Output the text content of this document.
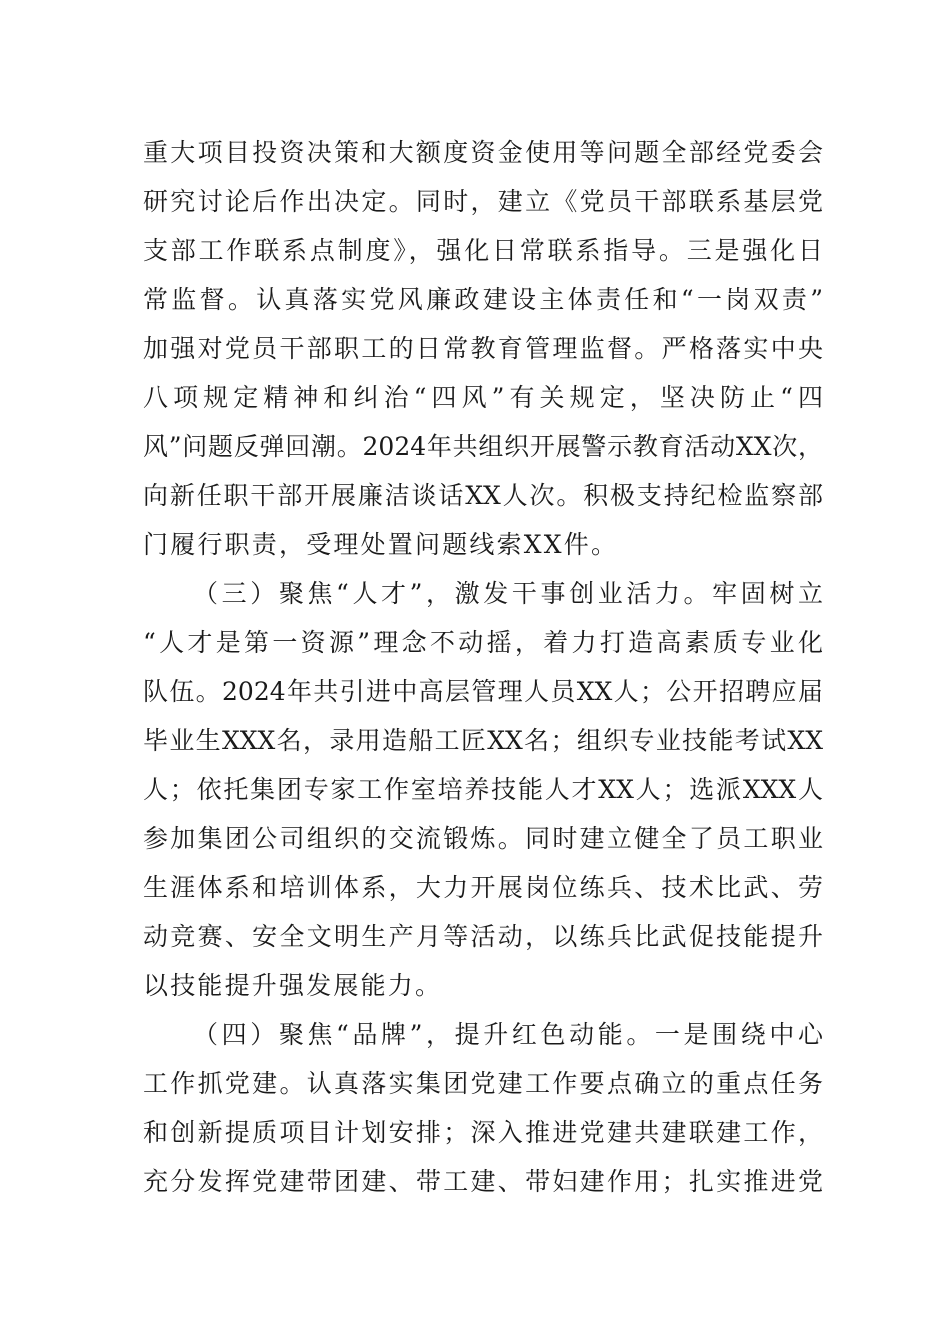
重大项目投资决策和大额度资金使用等问题全部经党委会
研究讨论后作出决定。同时，建立《党员干部联系基层党
支部工作联系点制度》，强化日常联系指导。三是强化日
常监督。认真落实党风廉政建设主体责任和“一岗双责”
加强对党员干部职工的日常教育管理监督。严格落实中央
八项规定精神和纠治“四风”有关规定，坚决防止“四
风”问题反弹回潮。2024年共组织开展警示教育活动XX次，
向新任职干部开展廉洁谈话XX人次。积极支持纪检监察部
门履行职责，受理处置问题线索XX件。
（三）聚焦“人才”，激发干事创业活力。牢固树立
“人才是第一资源”理念不动摇，着力打造高素质专业化
队伍。2024年共引进中高层管理人员XX人；公开招聘应届
毕业生XXX名，录用造船工匠XX名；组织专业技能考试XX
人；依托集团专家工作室培养技能人才XX人；选派XXX人
参加集团公司组织的交流锻炼。同时建立健全了员工职业
生涯体系和培训体系，大力开展岗位练兵、技术比武、劳
动竞赛、安全文明生产月等活动，以练兵比武促技能提升
以技能提升强发展能力。
（四）聚焦“品牌”，提升红色动能。一是围绕中心
工作抓党建。认真落实集团党建工作要点确立的重点任务
和创新提质项目计划安排；深入推进党建共建联建工作，
充分发挥党建带团建、带工建、带妇建作用；扎实推进党
